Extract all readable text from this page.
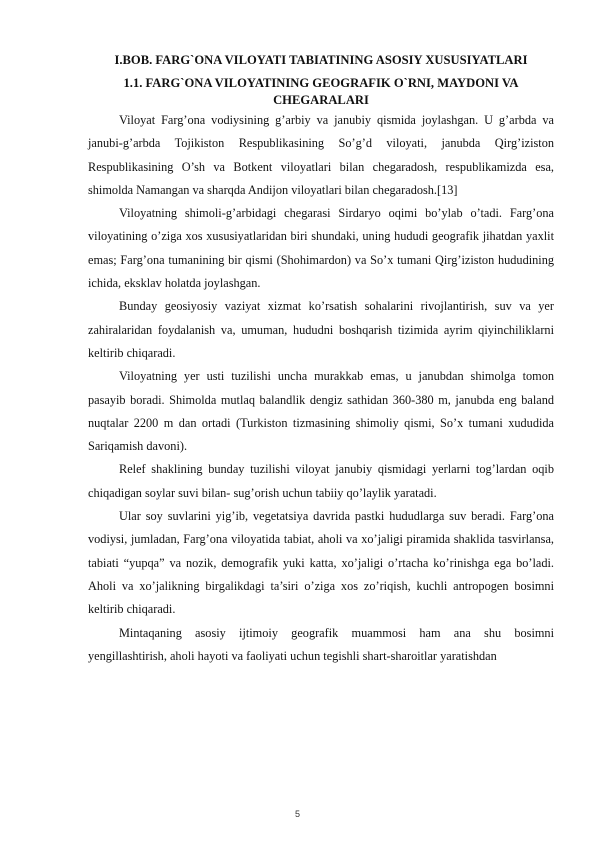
I.BOB. FARG`ONA VILOYATI TABIATINING ASOSIY XUSUSIYATLARI
1.1. FARG`ONA VILOYATINING GEOGRAFIK O`RNI, MAYDONI VA CHEGARALARI

Viloyat Farg’ona vodiysining g’arbiy va janubiy qismida joylashgan. U g’arbda va janubi-g’arbda Tojikiston Respublikasining So’g’d viloyati, janubda Qirg’iziston Respublikasining O’sh va Botkent viloyatlari bilan chegaradosh, respublikamizda esa, shimolda Namangan va sharqda Andijon viloyatlari bilan chegaradosh.[13]

Viloyatning shimoli-g’arbidagi chegarasi Sirdaryo oqimi bo’ylab o’tadi. Farg’ona viloyatining o’ziga xos xususiyatlaridan biri shundaki, uning hududi geografik jihatdan yaxlit emas; Farg’ona tumanining bir qismi (Shohimardon) va So’x tumani Qirg’iziston hududining ichida, eksklav holatda joylashgan.

Bunday geosiyosiy vaziyat xizmat ko’rsatish sohalarini rivojlantirish, suv va yer zahiralaridan foydalanish va, umuman, hududni boshqarish tizimida ayrim qiyinchiliklarni keltirib chiqaradi.

Viloyatning yer usti tuzilishi uncha murakkab emas, u janubdan shimolga tomon pasayib boradi. Shimolda mutlaq balandlik dengiz sathidan 360-380 m, janubda eng baland nuqtalar 2200 m dan ortadi (Turkiston tizmasining shimoliy qismi, So’x tumani xududida Sariqamish davoni).

Relef shaklining bunday tuzilishi viloyat janubiy qismidagi yerlarni tog’lardan oqib chiqadigan soylar suvi bilan- sug’orish uchun tabiiy qo’laylik yaratadi.

Ular soy suvlarini yig’ib, vegetatsiya davrida pastki hududlarga suv beradi. Farg’ona vodiysi, jumladan, Farg’ona viloyatida tabiat, aholi va xo’jaligi piramida shaklida tasvirlansa, tabiati “yupqa” va nozik, demografik yuki katta, xo’jaligi o’rtacha ko’rinishga ega bo’ladi. Aholi va xo’jalikning birgalikdagi ta’siri o’ziga xos zo’riqish, kuchli antropogen bosimni keltirib chiqaradi.

Mintaqaning asosiy ijtimoiy geografik muammosi ham ana shu bosimni yengillashtirish, aholi hayoti va faoliyati uchun tegishli shart-sharoitlar yaratishdan

5
